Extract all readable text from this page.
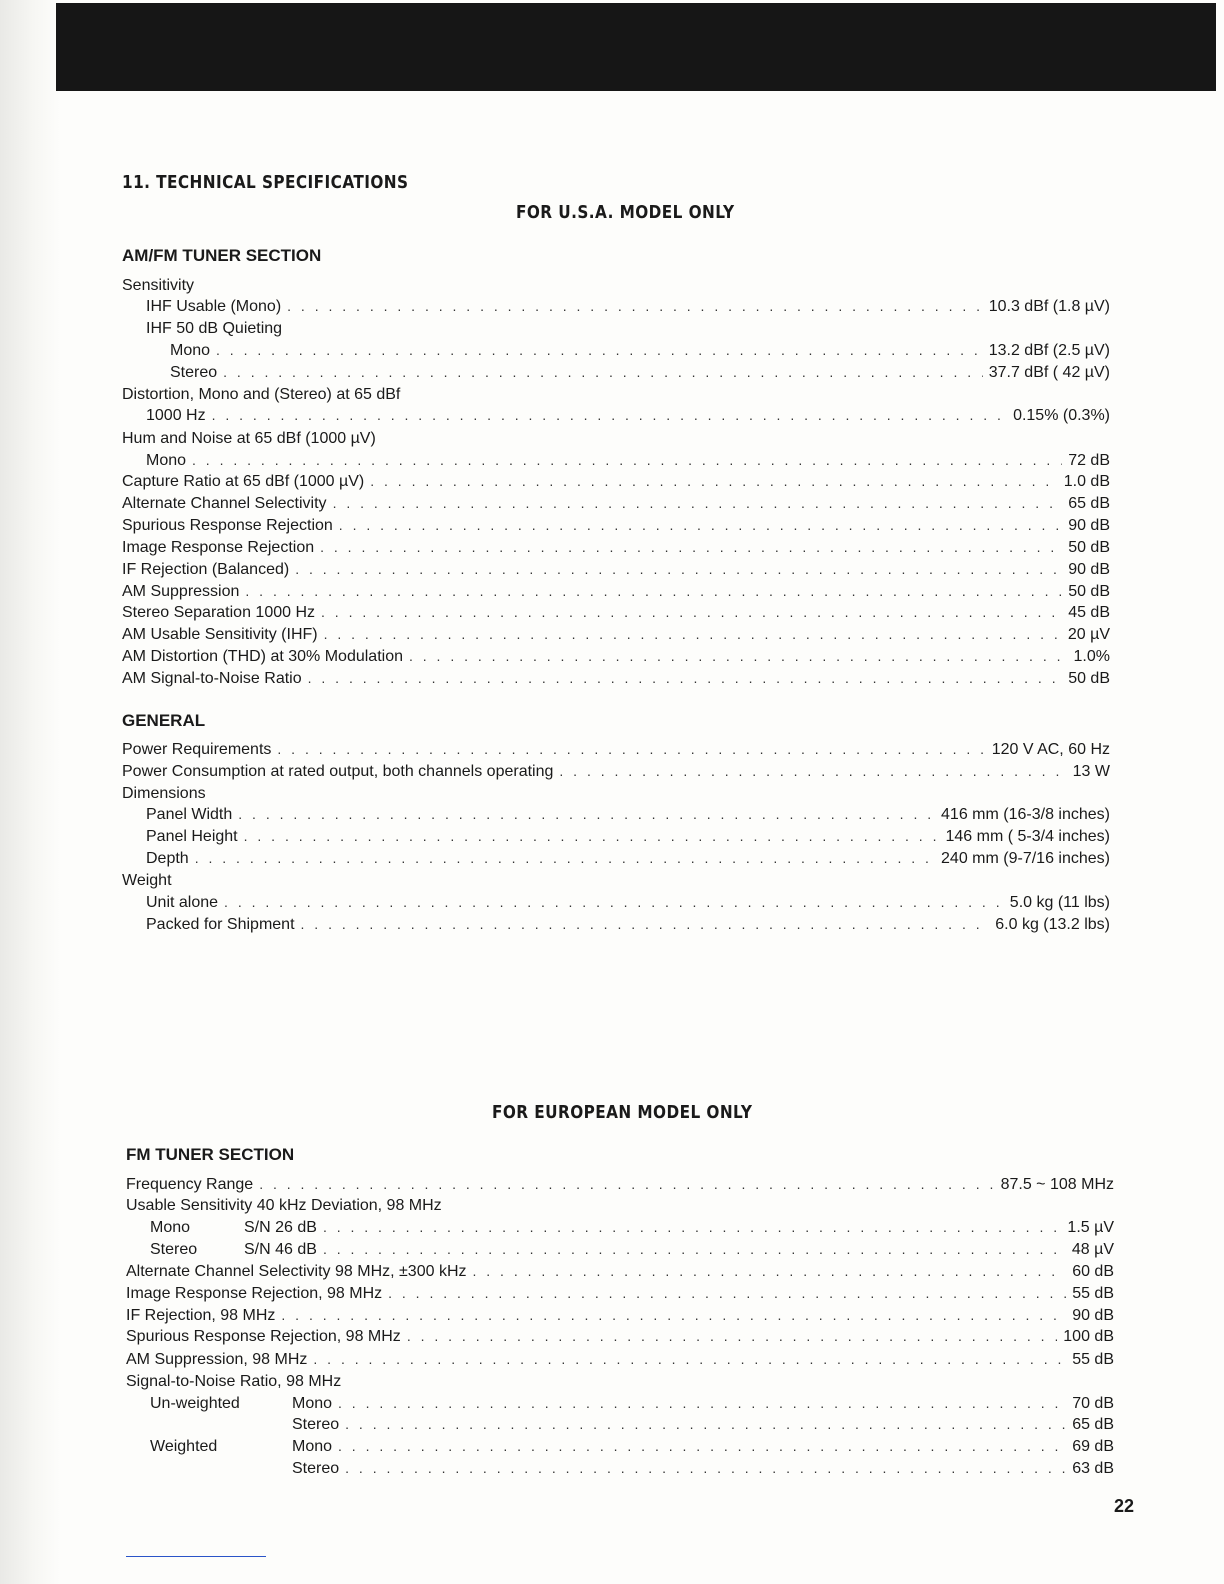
11. TECHNICAL SPECIFICATIONS
FOR U.S.A. MODEL ONLY
AM/FM TUNER SECTION
Sensitivity
IHF Usable (Mono) . . .	10.3 dBf (1.8 µV)
IHF 50 dB Quieting
Mono . . .	13.2 dBf (2.5 µV)
Stereo . . .	37.7 dBf ( 42 µV)
Distortion, Mono and (Stereo) at 65 dBf
1000 Hz . . .	0.15% (0.3%)
Hum and Noise at 65 dBf (1000 µV)
Mono . . .	72 dB
Capture Ratio at 65 dBf (1000 µV) . . .	1.0 dB
Alternate Channel Selectivity . . .	65 dB
Spurious Response Rejection . . .	90 dB
Image Response Rejection . . .	50 dB
IF Rejection (Balanced) . . .	90 dB
AM Suppression . . .	50 dB
Stereo Separation 1000 Hz . . .	45 dB
AM Usable Sensitivity (IHF) . . .	20 µV
AM Distortion (THD) at 30% Modulation . . .	1.0%
AM Signal-to-Noise Ratio . . .	50 dB
GENERAL
Power Requirements . . .	120 V AC, 60 Hz
Power Consumption at rated output, both channels operating . . .	13 W
Dimensions
Panel Width . . .	416 mm (16-3/8 inches)
Panel Height . . .	146 mm ( 5-3/4 inches)
Depth . . .	240 mm (9-7/16 inches)
Weight
Unit alone . . .	5.0 kg (11 lbs)
Packed for Shipment . . .	6.0 kg (13.2 lbs)
FOR EUROPEAN MODEL ONLY
FM TUNER SECTION
Frequency Range . . .	87.5 ~ 108 MHz
Usable Sensitivity 40 kHz Deviation, 98 MHz
Mono	S/N 26 dB . . .	1.5 µV
Stereo	S/N 46 dB . . .	48 µV
Alternate Channel Selectivity 98 MHz, ±300 kHz . . .	60 dB
Image Response Rejection, 98 MHz . . .	55 dB
IF Rejection, 98 MHz . . .	90 dB
Spurious Response Rejection, 98 MHz . . .	100 dB
AM Suppression, 98 MHz . . .	55 dB
Signal-to-Noise Ratio, 98 MHz
Un-weighted	Mono . . .	70 dB
Stereo . . .	65 dB
Weighted	Mono . . .	69 dB
Stereo . . .	63 dB
22
